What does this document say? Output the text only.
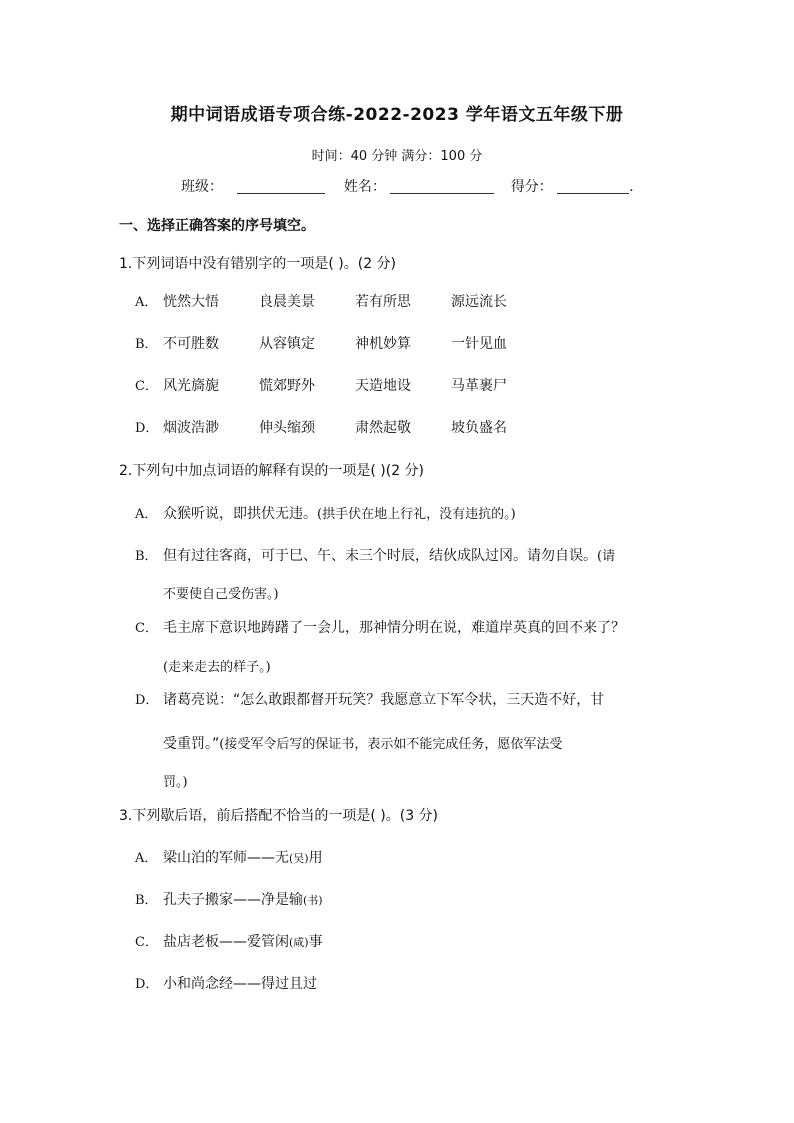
期中词语成语专项合练-2022-2023 学年语文五年级下册
时间：40 分钟 满分：100 分
班级：	姓名：	得分：	.
一、选择正确答案的序号填空。
1.下列词语中没有错别字的一项是( )。(2 分)
A． 恍然大悟	良晨美景	若有所思	源远流长
B． 不可胜数	从容镇定	神机妙算	一针见血
C． 风光旖旎	慌郊野外	天造地设	马革裹尸
D． 烟波浩渺	伸头缩颈	肃然起敬	坡负盛名
2.下列句中加点词语的解释有误的一项是( )(2 分)
A． 众猴听说，即拱伏无违。(拱手伏在地上行礼，没有违抗的。)
B． 但有过往客商，可于巳、午、未三个时辰，结伙成队过冈。请勿自误。(请
不要使自己受伤害。)
C． 毛主席下意识地踌躇了一会儿，那神情分明在说，难道岸英真的回不来了？
(走来走去的样子。)
D． 诸葛亮说：“怎么敢跟都督开玩笑？我愿意立下军令状，三天造不好，甘
受重罚。”(接受军令后写的保证书，表示如不能完成任务，愿依军法受
罚。)
3.下列歇后语，前后搭配不恰当的一项是( )。(3 分)
A． 梁山泊的军师——无(吴)用
B． 孔夫子搬家——净是输(书)
C． 盐店老板——爱管闲(咸)事
D． 小和尚念经——得过且过
